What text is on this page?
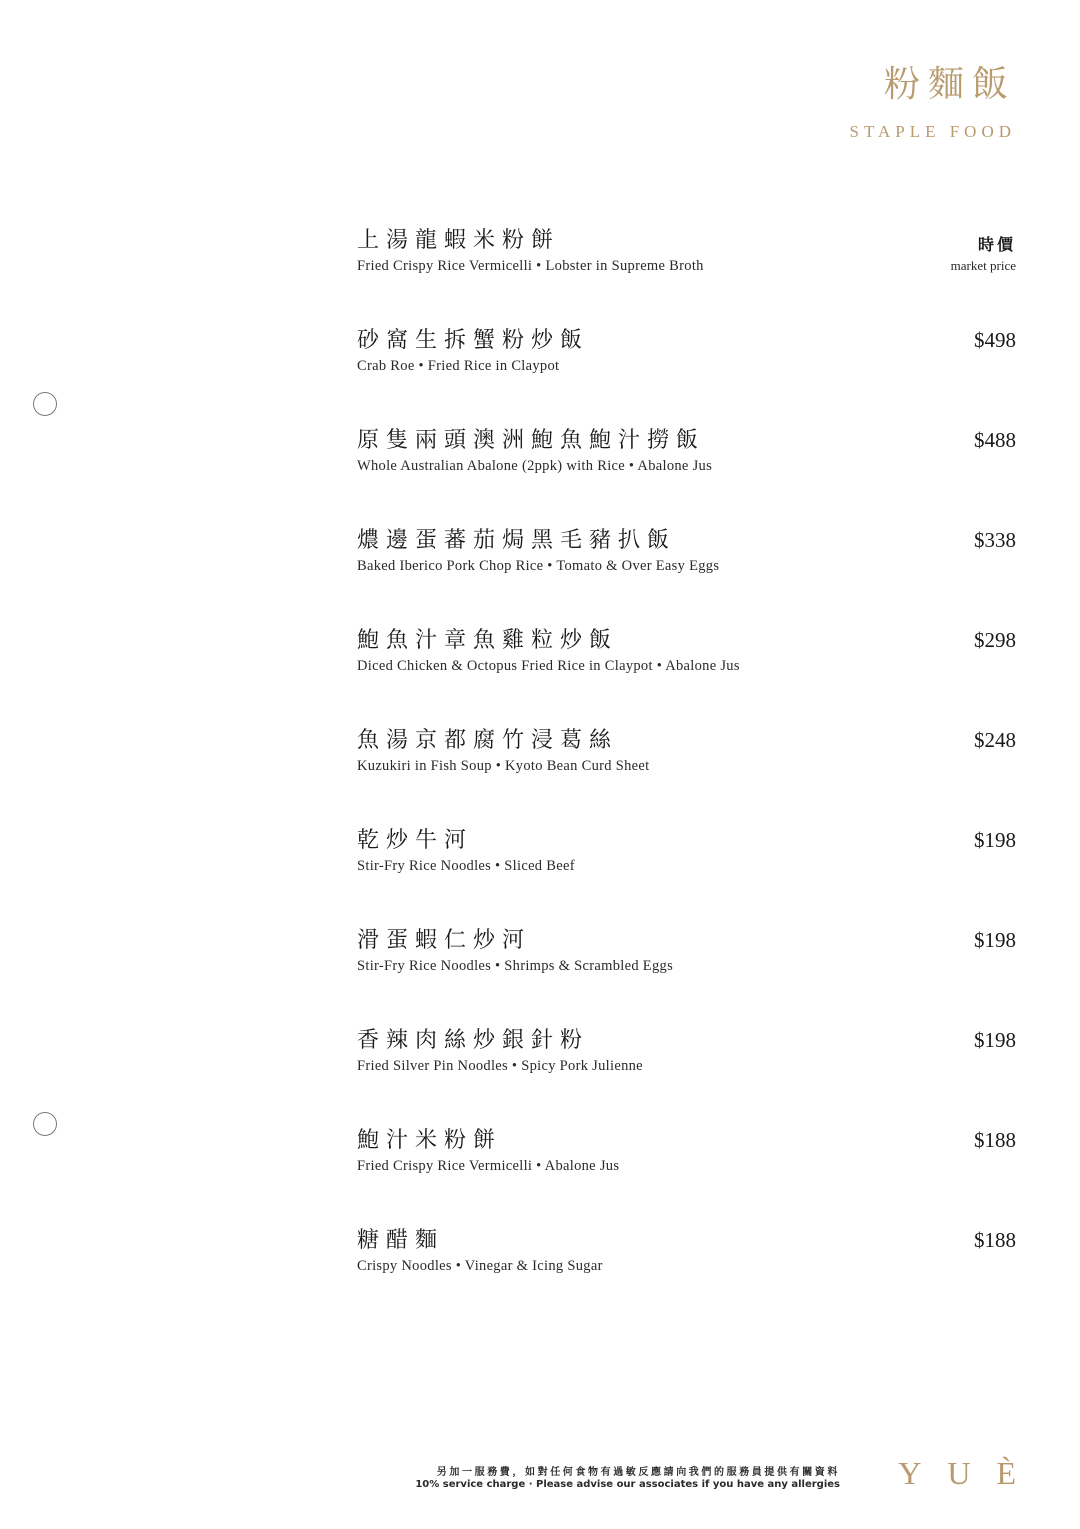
粉麵飯
STAPLE FOOD
上湯龍蝦米粉餅
Fried Crispy Rice Vermicelli • Lobster in Supreme Broth
時價
market price
砂窩生拆蟹粉炒飯
Crab Roe • Fried Rice in Claypot
$498
原隻兩頭澳洲鮑魚鮑汁撈飯
Whole Australian Abalone (2ppk) with Rice • Abalone Jus
$488
燶邊蛋蕃茄焗黑毛豬扒飯
Baked Iberico Pork Chop Rice • Tomato & Over Easy Eggs
$338
鮑魚汁章魚雞粒炒飯
Diced Chicken & Octopus Fried Rice in Claypot • Abalone Jus
$298
魚湯京都腐竹浸葛絲
Kuzukiri in Fish Soup • Kyoto Bean Curd Sheet
$248
乾炒牛河
Stir-Fry Rice Noodles • Sliced Beef
$198
滑蛋蝦仁炒河
Stir-Fry Rice Noodles • Shrimps & Scrambled Eggs
$198
香辣肉絲炒銀針粉
Fried Silver Pin Noodles • Spicy Pork Julienne
$198
鮑汁米粉餅
Fried Crispy Rice Vermicelli • Abalone Jus
$188
糖醋麵
Crispy Noodles • Vinegar & Icing Sugar
$188
另加一服務費，如對任何食物有過敏反應請向我們的服務員提供有關資料
10% service charge · Please advise our associates if you have any allergies YUÈ
